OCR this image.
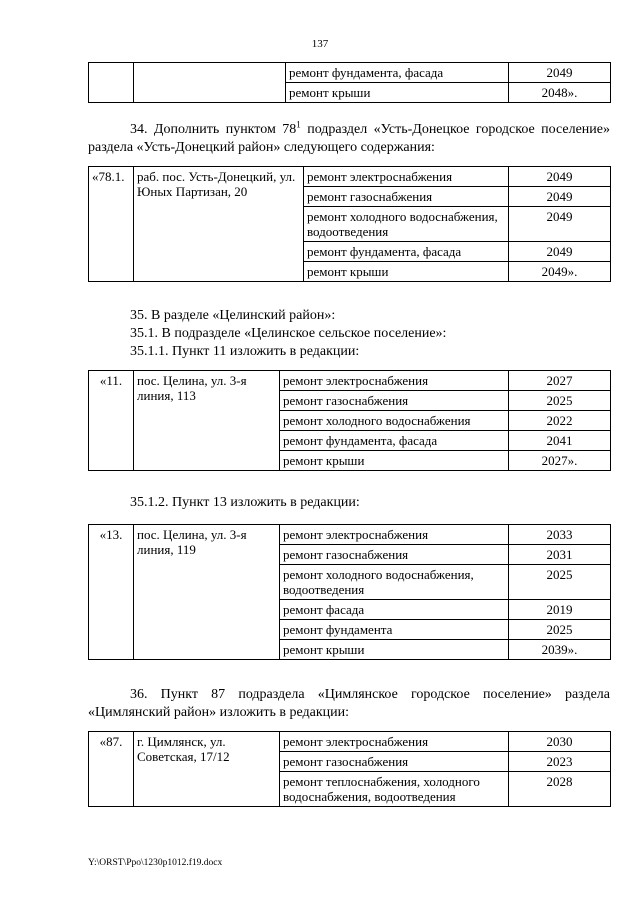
137
		ремонт фундамента, фасада	2049
		ремонт крыши	2048».

34. Дополнить пунктом $78^1$ подраздел «Усть-Донецкое городское поселение» раздела «Усть-Донецкий район» следующего содержания:

«78.1.	раб. пос. Усть-Донецкий, ул. Юных Партизан, 20	ремонт электроснабжения	2049
		ремонт газоснабжения	2049
		ремонт холодного водоснабжения, водоотведения	2049
		ремонт фундамента, фасада	2049
		ремонт крыши	2049».

35. В разделе «Целинский район»:

35.1. В подразделе «Целинское сельское поселение»:

35.1.1. Пункт 11 изложить в редакции:

«11.	пос. Целина, ул. 3-я линия, 113	ремонт электроснабжения	2027
		ремонт газоснабжения	2025
		ремонт холодного водоснабжения	2022
		ремонт фундамента, фасада	2041
		ремонт крыши	2027».

35.1.2. Пункт 13 изложить в редакции:

«13.	пос. Целина, ул. 3-я линия, 119	ремонт электроснабжения	2033
		ремонт газоснабжения	2031
		ремонт холодного водоснабжения, водоотведения	2025
		ремонт фасада	2019
		ремонт фундамента	2025
		ремонт крыши	2039».

36. Пункт 87 подраздела «Цимлянское городское поселение» раздела «Цимлянский район» изложить в редакции:

«87.	г. Цимлянск, ул. Советская, 17/12	ремонт электроснабжения	2030
		ремонт газоснабжения	2023
		ремонт теплоснабжения, холодного водоснабжения, водоотведения	2028
Y:\ORST\Ppo\1230p1012.f19.docx
